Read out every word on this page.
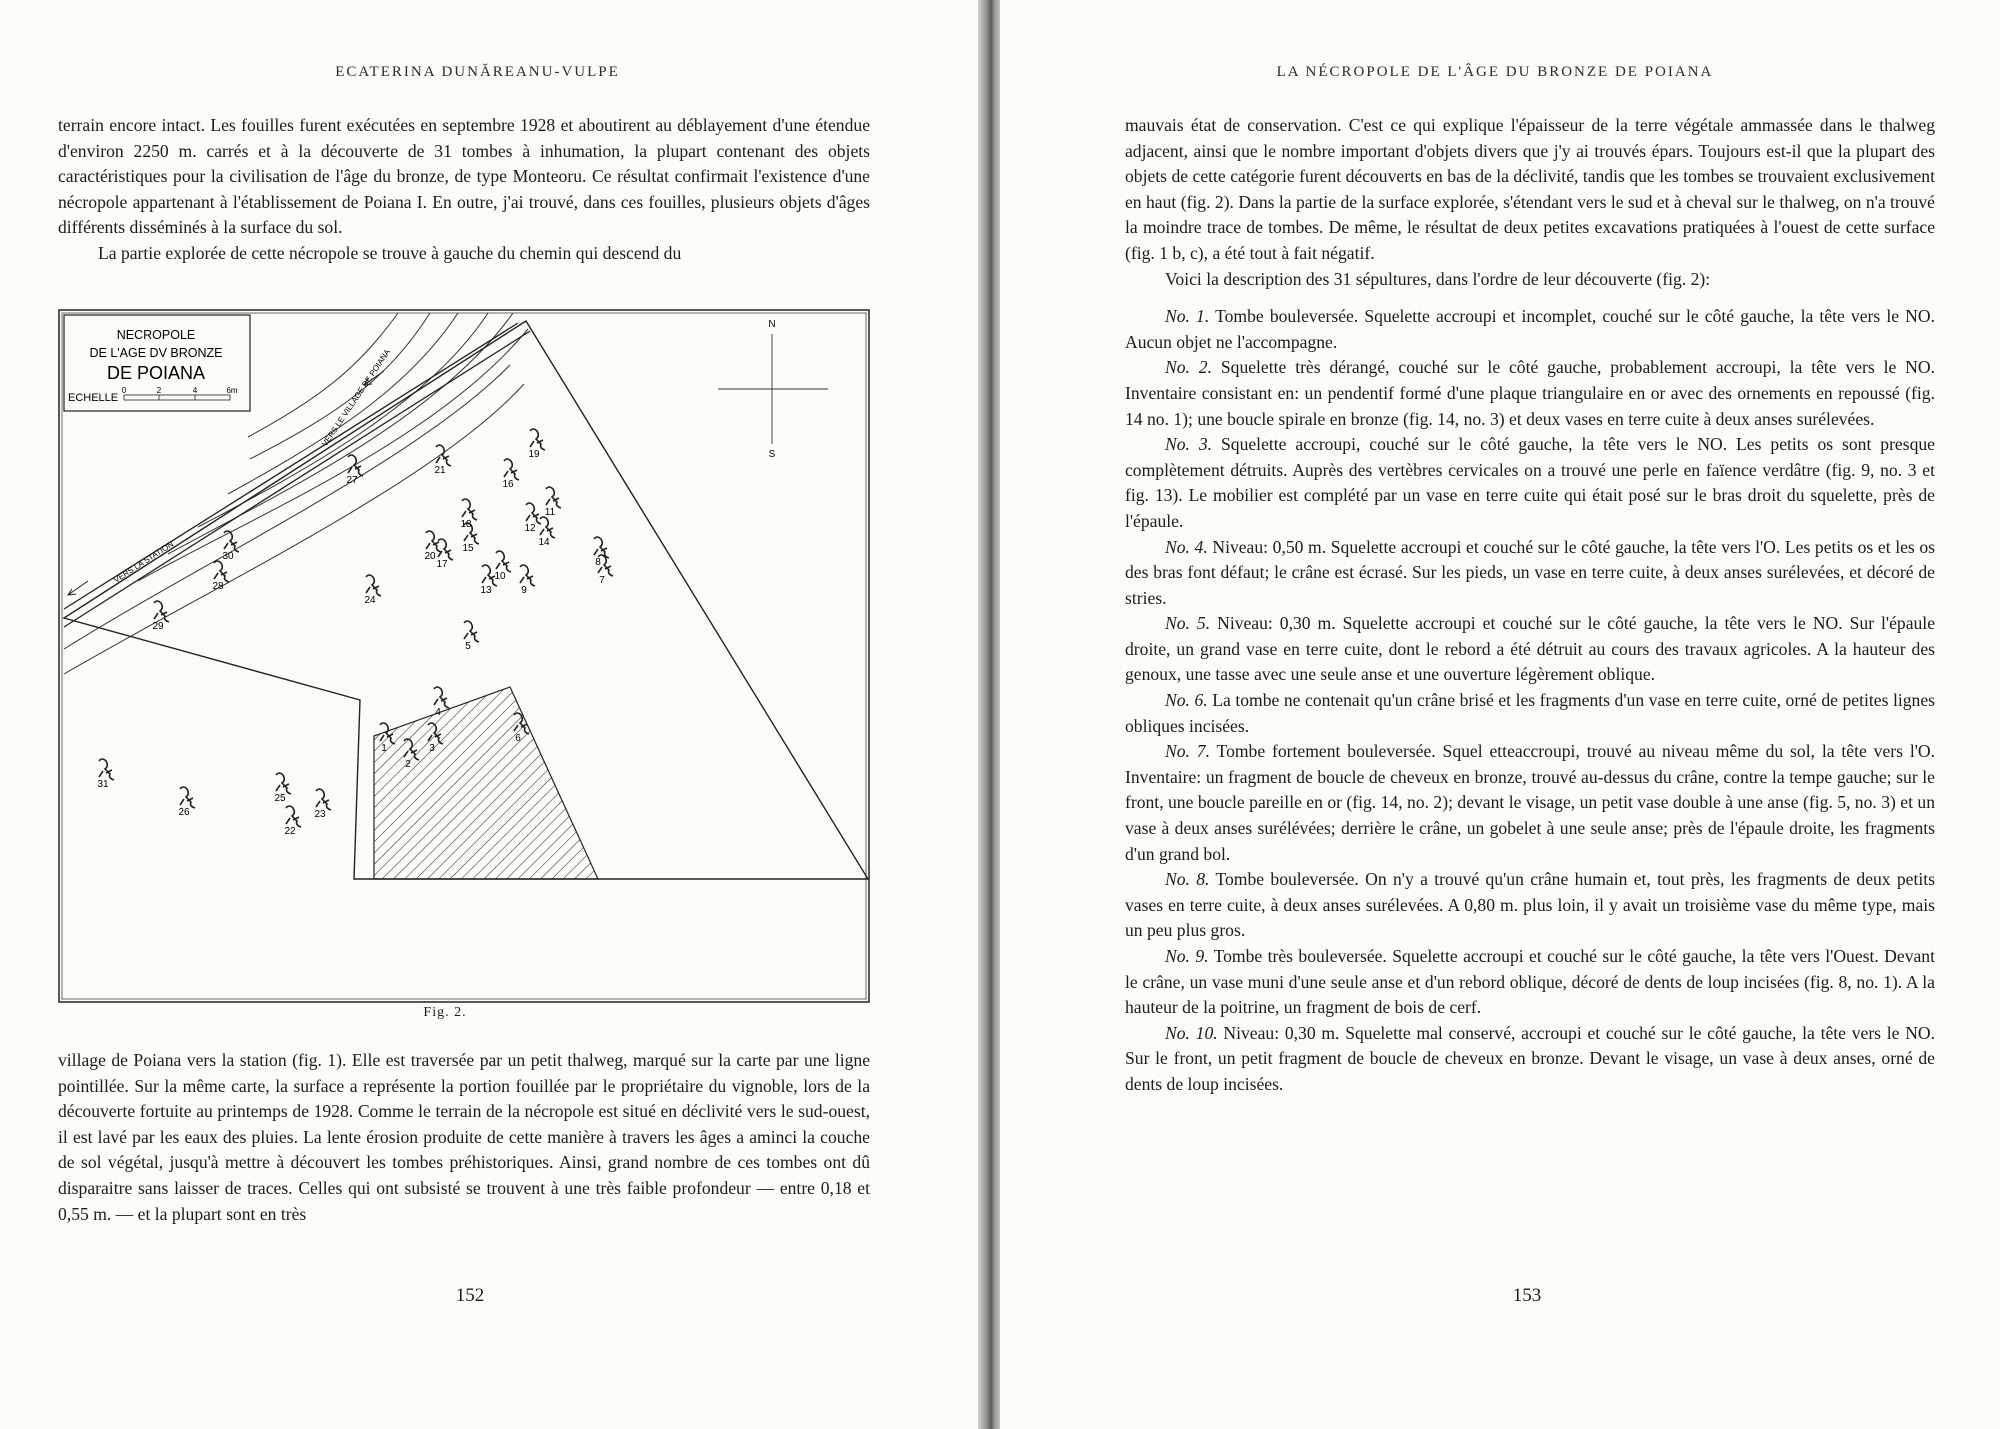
ECATERINA DUNĂREANU-VULPE

terrain encore intact. Les fouilles furent exécutées en septembre 1928 et aboutirent au déblayement d'une étendue d'environ 2250 m. carrés et à la découverte de 31 tombes à inhumation, la plupart contenant des objets caractéristiques pour la civilisation de l'âge du bronze, de type Monteoru. Ce résultat confirmait l'existence d'une nécropole appartenant à l'établissement de Poiana I. En outre, j'ai trouvé, dans ces fouilles, plusieurs objets d'âges différents disséminés à la surface du sol.

La partie explorée de cette nécropole se trouve à gauche du chemin qui descend du

NECROPOLE
DE L'AGE DV BRONZE
DE POIANA
ECHELLE
0	2	4	6m	VERS LE VILLAGE DE POIANA
VERS LA STATION
N
S
1
2
3
4
5
6
7
8
9
10
11
12
13
14
15
16
17
18
19
20
21
22
23
24
25
26
27
28
29
30
31
Fig. 2.

village de Poiana vers la station (fig. 1). Elle est traversée par un petit thalweg, marqué sur la carte par une ligne pointillée. Sur la même carte, la surface a représente la portion fouillée par le propriétaire du vignoble, lors de la découverte fortuite au printemps de 1928. Comme le terrain de la nécropole est situé en déclivité vers le sud-ouest, il est lavé par les eaux des pluies. La lente érosion produite de cette manière à travers les âges a aminci la couche de sol végétal, jusqu'à mettre à découvert les tombes préhistoriques. Ainsi, grand nombre de ces tombes ont dû disparaitre sans laisser de traces. Celles qui ont subsisté se trouvent à une très faible profondeur — entre 0,18 et 0,55 m. — et la plupart sont en très

152
LA NÉCROPOLE DE L'ÂGE DU BRONZE DE POIANA

mauvais état de conservation. C'est ce qui explique l'épaisseur de la terre végétale ammassée dans le thalweg adjacent, ainsi que le nombre important d'objets divers que j'y ai trouvés épars. Toujours est-il que la plupart des objets de cette catégorie furent découverts en bas de la déclivité, tandis que les tombes se trouvaient exclusivement en haut (fig. 2). Dans la partie de la surface explorée, s'étendant vers le sud et à cheval sur le thalweg, on n'a trouvé la moindre trace de tombes. De même, le résultat de deux petites excavations pratiquées à l'ouest de cette surface (fig. 1 b, c), a été tout à fait négatif.

Voici la description des 31 sépultures, dans l'ordre de leur découverte (fig. 2):

No. 1. Tombe bouleversée. Squelette accroupi et incomplet, couché sur le côté gauche, la tête vers le NO. Aucun objet ne l'accompagne.

No. 2. Squelette très dérangé, couché sur le côté gauche, probablement accroupi, la tête vers le NO. Inventaire consistant en: un pendentif formé d'une plaque triangulaire en or avec des ornements en repoussé (fig. 14 no. 1); une boucle spirale en bronze (fig. 14, no. 3) et deux vases en terre cuite à deux anses surélevées.

No. 3. Squelette accroupi, couché sur le côté gauche, la tête vers le NO. Les petits os sont presque complètement détruits. Auprès des vertèbres cervicales on a trouvé une perle en faïence verdâtre (fig. 9, no. 3 et fig. 13). Le mobilier est complété par un vase en terre cuite qui était posé sur le bras droit du squelette, près de l'épaule.

No. 4. Niveau: 0,50 m. Squelette accroupi et couché sur le côté gauche, la tête vers l'O. Les petits os et les os des bras font défaut; le crâne est écrasé. Sur les pieds, un vase en terre cuite, à deux anses surélevées, et décoré de stries.

No. 5. Niveau: 0,30 m. Squelette accroupi et couché sur le côté gauche, la tête vers le NO. Sur l'épaule droite, un grand vase en terre cuite, dont le rebord a été détruit au cours des travaux agricoles. A la hauteur des genoux, une tasse avec une seule anse et une ouverture légèrement oblique.

No. 6. La tombe ne contenait qu'un crâne brisé et les fragments d'un vase en terre cuite, orné de petites lignes obliques incisées.

No. 7. Tombe fortement bouleversée. Squel etteaccroupi, trouvé au niveau même du sol, la tête vers l'O. Inventaire: un fragment de boucle de cheveux en bronze, trouvé au-dessus du crâne, contre la tempe gauche; sur le front, une boucle pareille en or (fig. 14, no. 2); devant le visage, un petit vase double à une anse (fig. 5, no. 3) et un vase à deux anses surélévées; derrière le crâne, un gobelet à une seule anse; près de l'épaule droite, les fragments d'un grand bol.

No. 8. Tombe bouleversée. On n'y a trouvé qu'un crâne humain et, tout près, les fragments de deux petits vases en terre cuite, à deux anses surélevées. A 0,80 m. plus loin, il y avait un troisième vase du même type, mais un peu plus gros.

No. 9. Tombe très bouleversée. Squelette accroupi et couché sur le côté gauche, la tête vers l'Ouest. Devant le crâne, un vase muni d'une seule anse et d'un rebord oblique, décoré de dents de loup incisées (fig. 8, no. 1). A la hauteur de la poitrine, un fragment de bois de cerf.

No. 10. Niveau: 0,30 m. Squelette mal conservé, accroupi et couché sur le côté gauche, la tête vers le NO. Sur le front, un petit fragment de boucle de cheveux en bronze. Devant le visage, un vase à deux anses, orné de dents de loup incisées.

153
